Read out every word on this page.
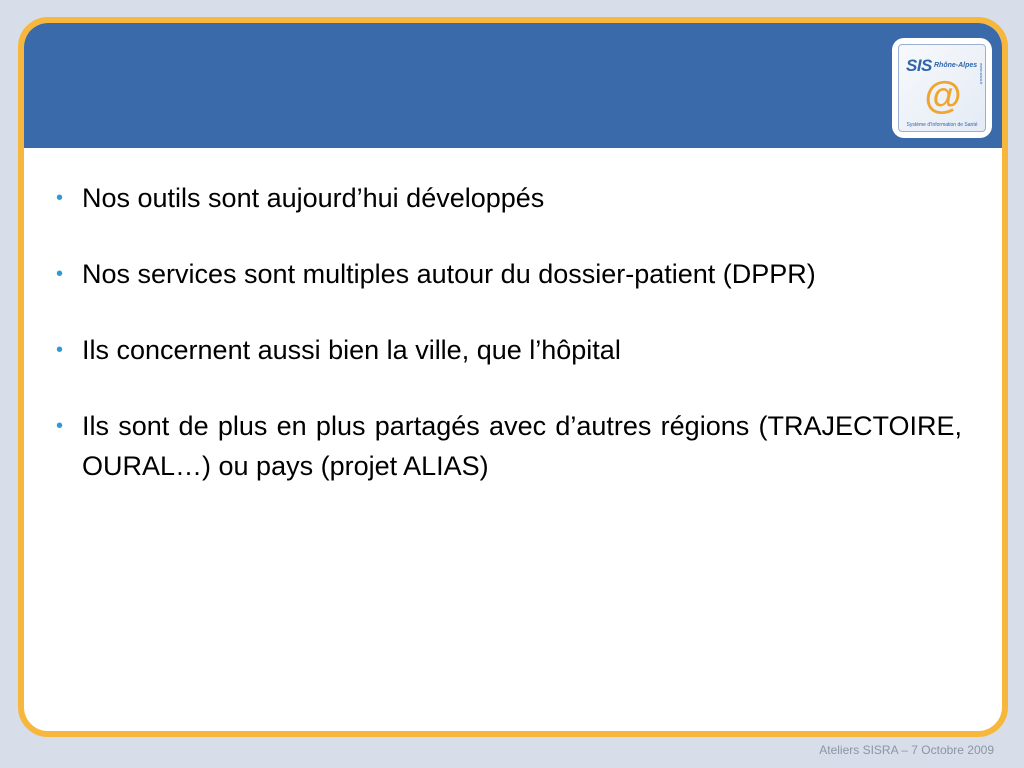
SIS Rhône-Alpes
@
www.sisra.fr
Système d'Information de Santé
• Nos outils sont aujourd’hui développés
• Nos services sont multiples autour du dossier-patient (DPPR)
• Ils concernent aussi bien la ville, que l’hôpital
• Ils sont de plus en plus partagés avec d’autres régions (TRAJECTOIRE, OURAL…) ou pays (projet ALIAS)
Ateliers SISRA – 7 Octobre 2009
